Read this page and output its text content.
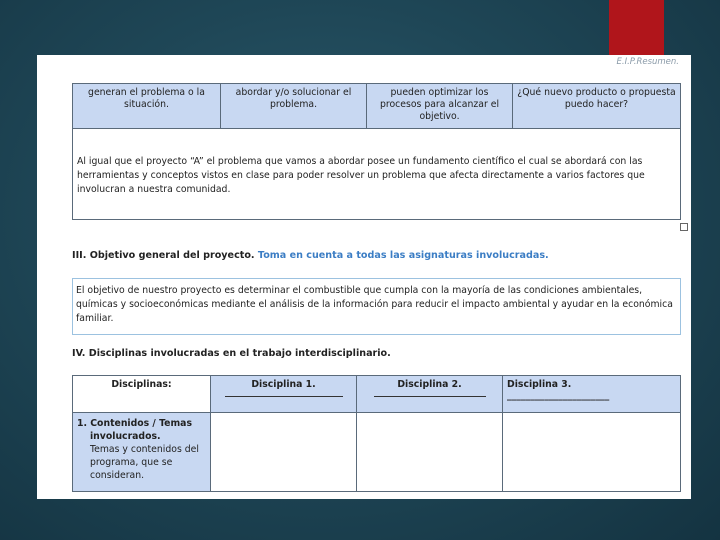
E.I.P.Resumen.
generan el problema o la situación.	abordar y/o solucionar el problema.	pueden optimizar los procesos para alcanzar el objetivo.	¿Qué nuevo producto o propuesta puedo hacer?
Al igual que el proyecto “A” el problema que vamos a abordar posee un fundamento científico el cual se abordará con las herramientas y conceptos vistos en clase para poder resolver un problema que afecta directamente a varios factores que involucran a nuestra comunidad.
III. Objetivo general del proyecto. Toma en cuenta a todas las asignaturas involucradas.
El objetivo de nuestro proyecto es determinar el combustible que cumpla con la mayoría de las condiciones ambientales, químicas y socioeconómicas mediante el análisis de la información para reducir el impacto ambiental y ayudar en la económica familiar.
IV. Disciplinas involucradas en el trabajo interdisciplinario.
Disciplinas:	Disciplina 1.	Disciplina 2.	Disciplina 3. ______________________

1. Contenidos / Temas
involucrados.
Temas y contenidos del programa, que se consideran.			
